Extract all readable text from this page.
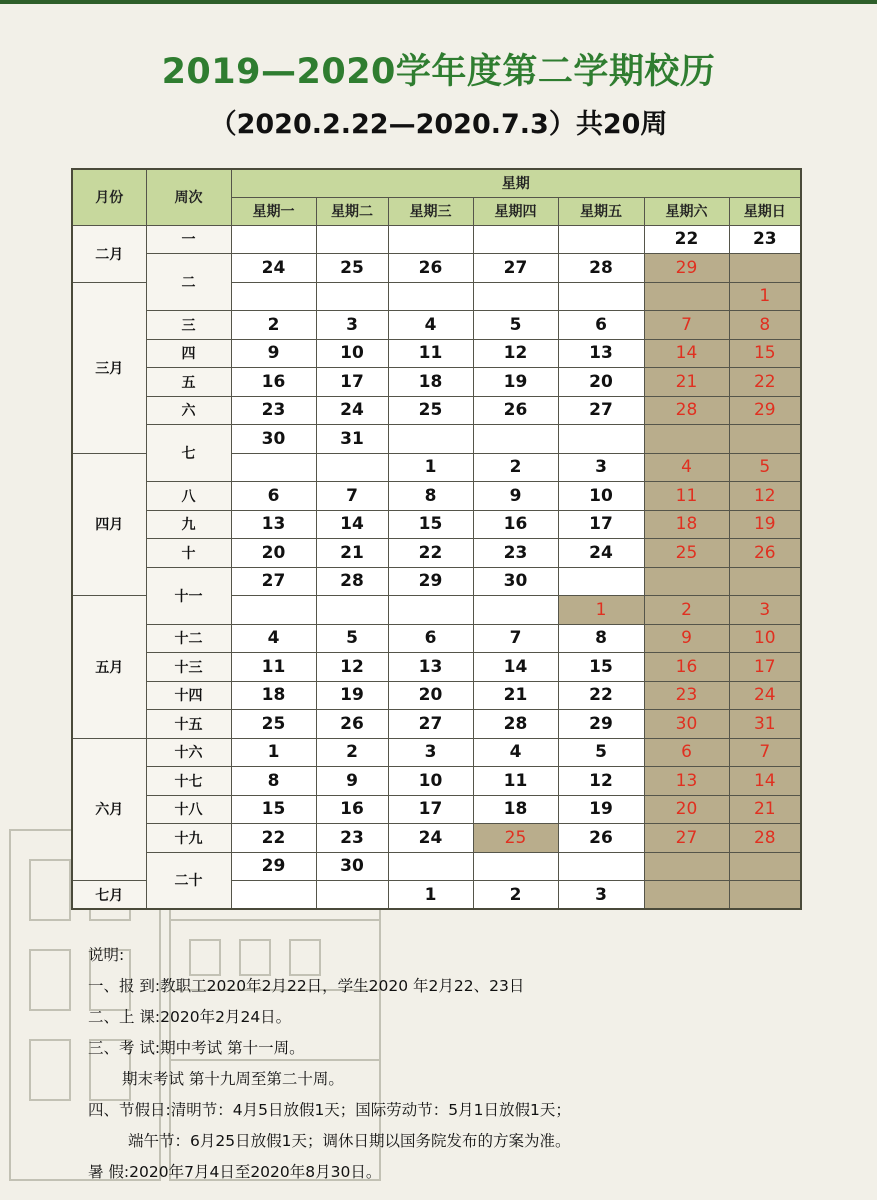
2019—2020学年度第二学期校历
（2020.2.22—2020.7.3）共20周
月份	周次	星期						
		星期一	星期二	星期三	星期四	星期五	星期六	星期日
二月	一						22	23
	二	24	25	26	27	28	29	
三月								1
	三	2	3	4	5	6	7	8
	四	9	10	11	12	13	14	15
	五	16	17	18	19	20	21	22
	六	23	24	25	26	27	28	29
	七	30	31					
四月				1	2	3	4	5
	八	6	7	8	9	10	11	12
	九	13	14	15	16	17	18	19
	十	20	21	22	23	24	25	26
	十一	27	28	29	30			
五月						1	2	3
	十二	4	5	6	7	8	9	10
	十三	11	12	13	14	15	16	17
	十四	18	19	20	21	22	23	24
	十五	25	26	27	28	29	30	31
六月	十六	1	2	3	4	5	6	7
	十七	8	9	10	11	12	13	14
	十八	15	16	17	18	19	20	21
	十九	22	23	24	25	26	27	28
	二十	29	30					
七月				1	2	3		

说明:

一、报 到:教职工2020年2月22日，学生2020 年2月22、23日

二、上 课:2020年2月24日。

三、考 试:期中考试 第十一周。

期末考试 第十九周至第二十周。

四、节假日:清明节：4月5日放假1天；国际劳动节：5月1日放假1天；

端午节：6月25日放假1天；调休日期以国务院发布的方案为准。

暑 假:2020年7月4日至2020年8月30日。
